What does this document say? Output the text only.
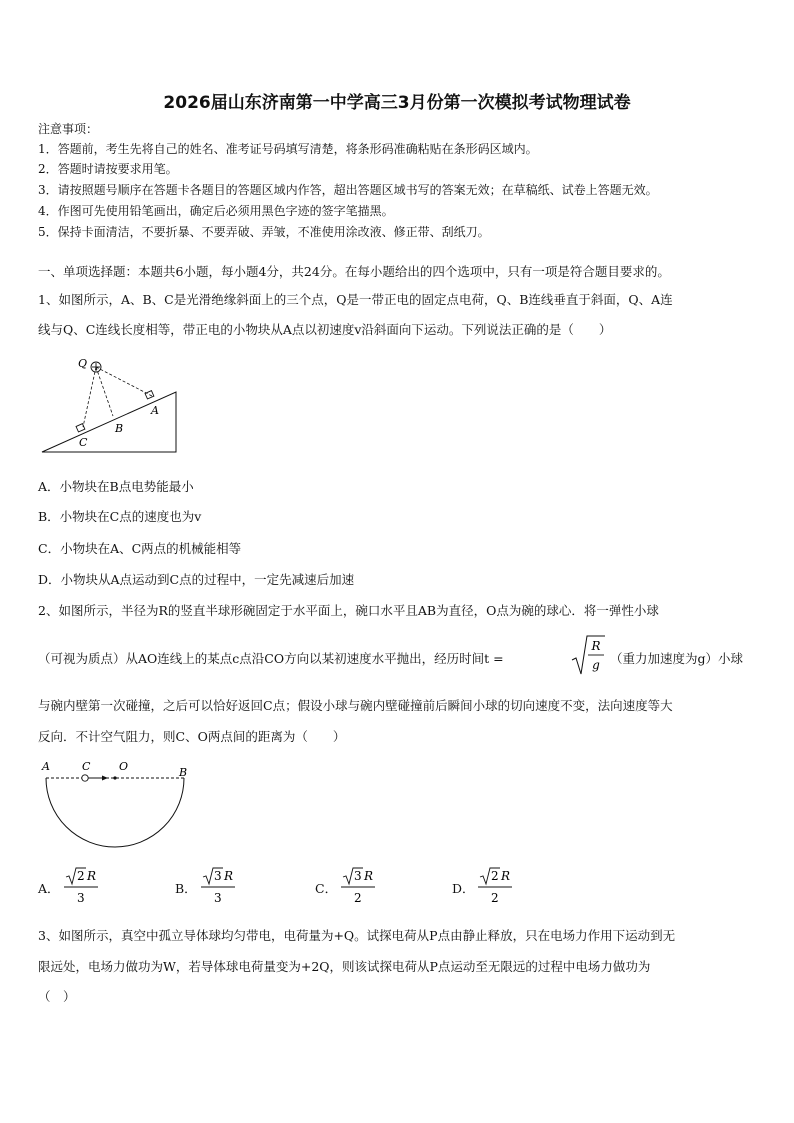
2026届山东济南第一中学高三3月份第一次模拟考试物理试卷
注意事项：
1．答题前，考生先将自己的姓名、准考证号码填写清楚，将条形码准确粘贴在条形码区域内。
2．答题时请按要求用笔。
3．请按照题号顺序在答题卡各题目的答题区域内作答，超出答题区域书写的答案无效；在草稿纸、试卷上答题无效。
4．作图可先使用铅笔画出，确定后必须用黑色字迹的签字笔描黑。
5．保持卡面清洁，不要折暴、不要弄破、弄皱，不准使用涂改液、修正带、刮纸刀。
一、单项选择题：本题共6小题，每小题4分，共24分。在每小题给出的四个选项中，只有一项是符合题目要求的。
1、如图所示，A、B、C是光滑绝缘斜面上的三个点，Q是一带正电的固定点电荷，Q、B连线垂直于斜面，Q、A连
线与Q、C连线长度相等，带正电的小物块从A点以初速度v沿斜面向下运动。下列说法正确的是（　　）
Q
A
B
C
A．小物块在B点电势能最小
B．小物块在C点的速度也为v
C．小物块在A、C两点的机械能相等
D．小物块从A点运动到C点的过程中，一定先减速后加速
2、如图所示，半径为R的竖直半球形碗固定于水平面上，碗口水平且AB为直径，O点为碗的球心．将一弹性小球
（可视为质点）从AO连线上的某点c点沿CO方向以某初速度水平抛出，经历时间t =
R
g （重力加速度为g）小球
与碗内壁第一次碰撞，之后可以恰好返回C点；假设小球与碗内壁碰撞前后瞬间小球的切向速度不变，法向速度等大
反向．不计空气阻力，则C、O两点间的距离为（　　）
A	C	O	B
A．
2 R
3
B．
3 R
3
C．
3 R
2
D．
2 R
2
3、如图所示，真空中孤立导体球均匀带电，电荷量为+Q。试探电荷从P点由静止释放，只在电场力作用下运动到无
限远处，电场力做功为W，若导体球电荷量变为+2Q，则该试探电荷从P点运动至无限远的过程中电场力做功为
（　）
